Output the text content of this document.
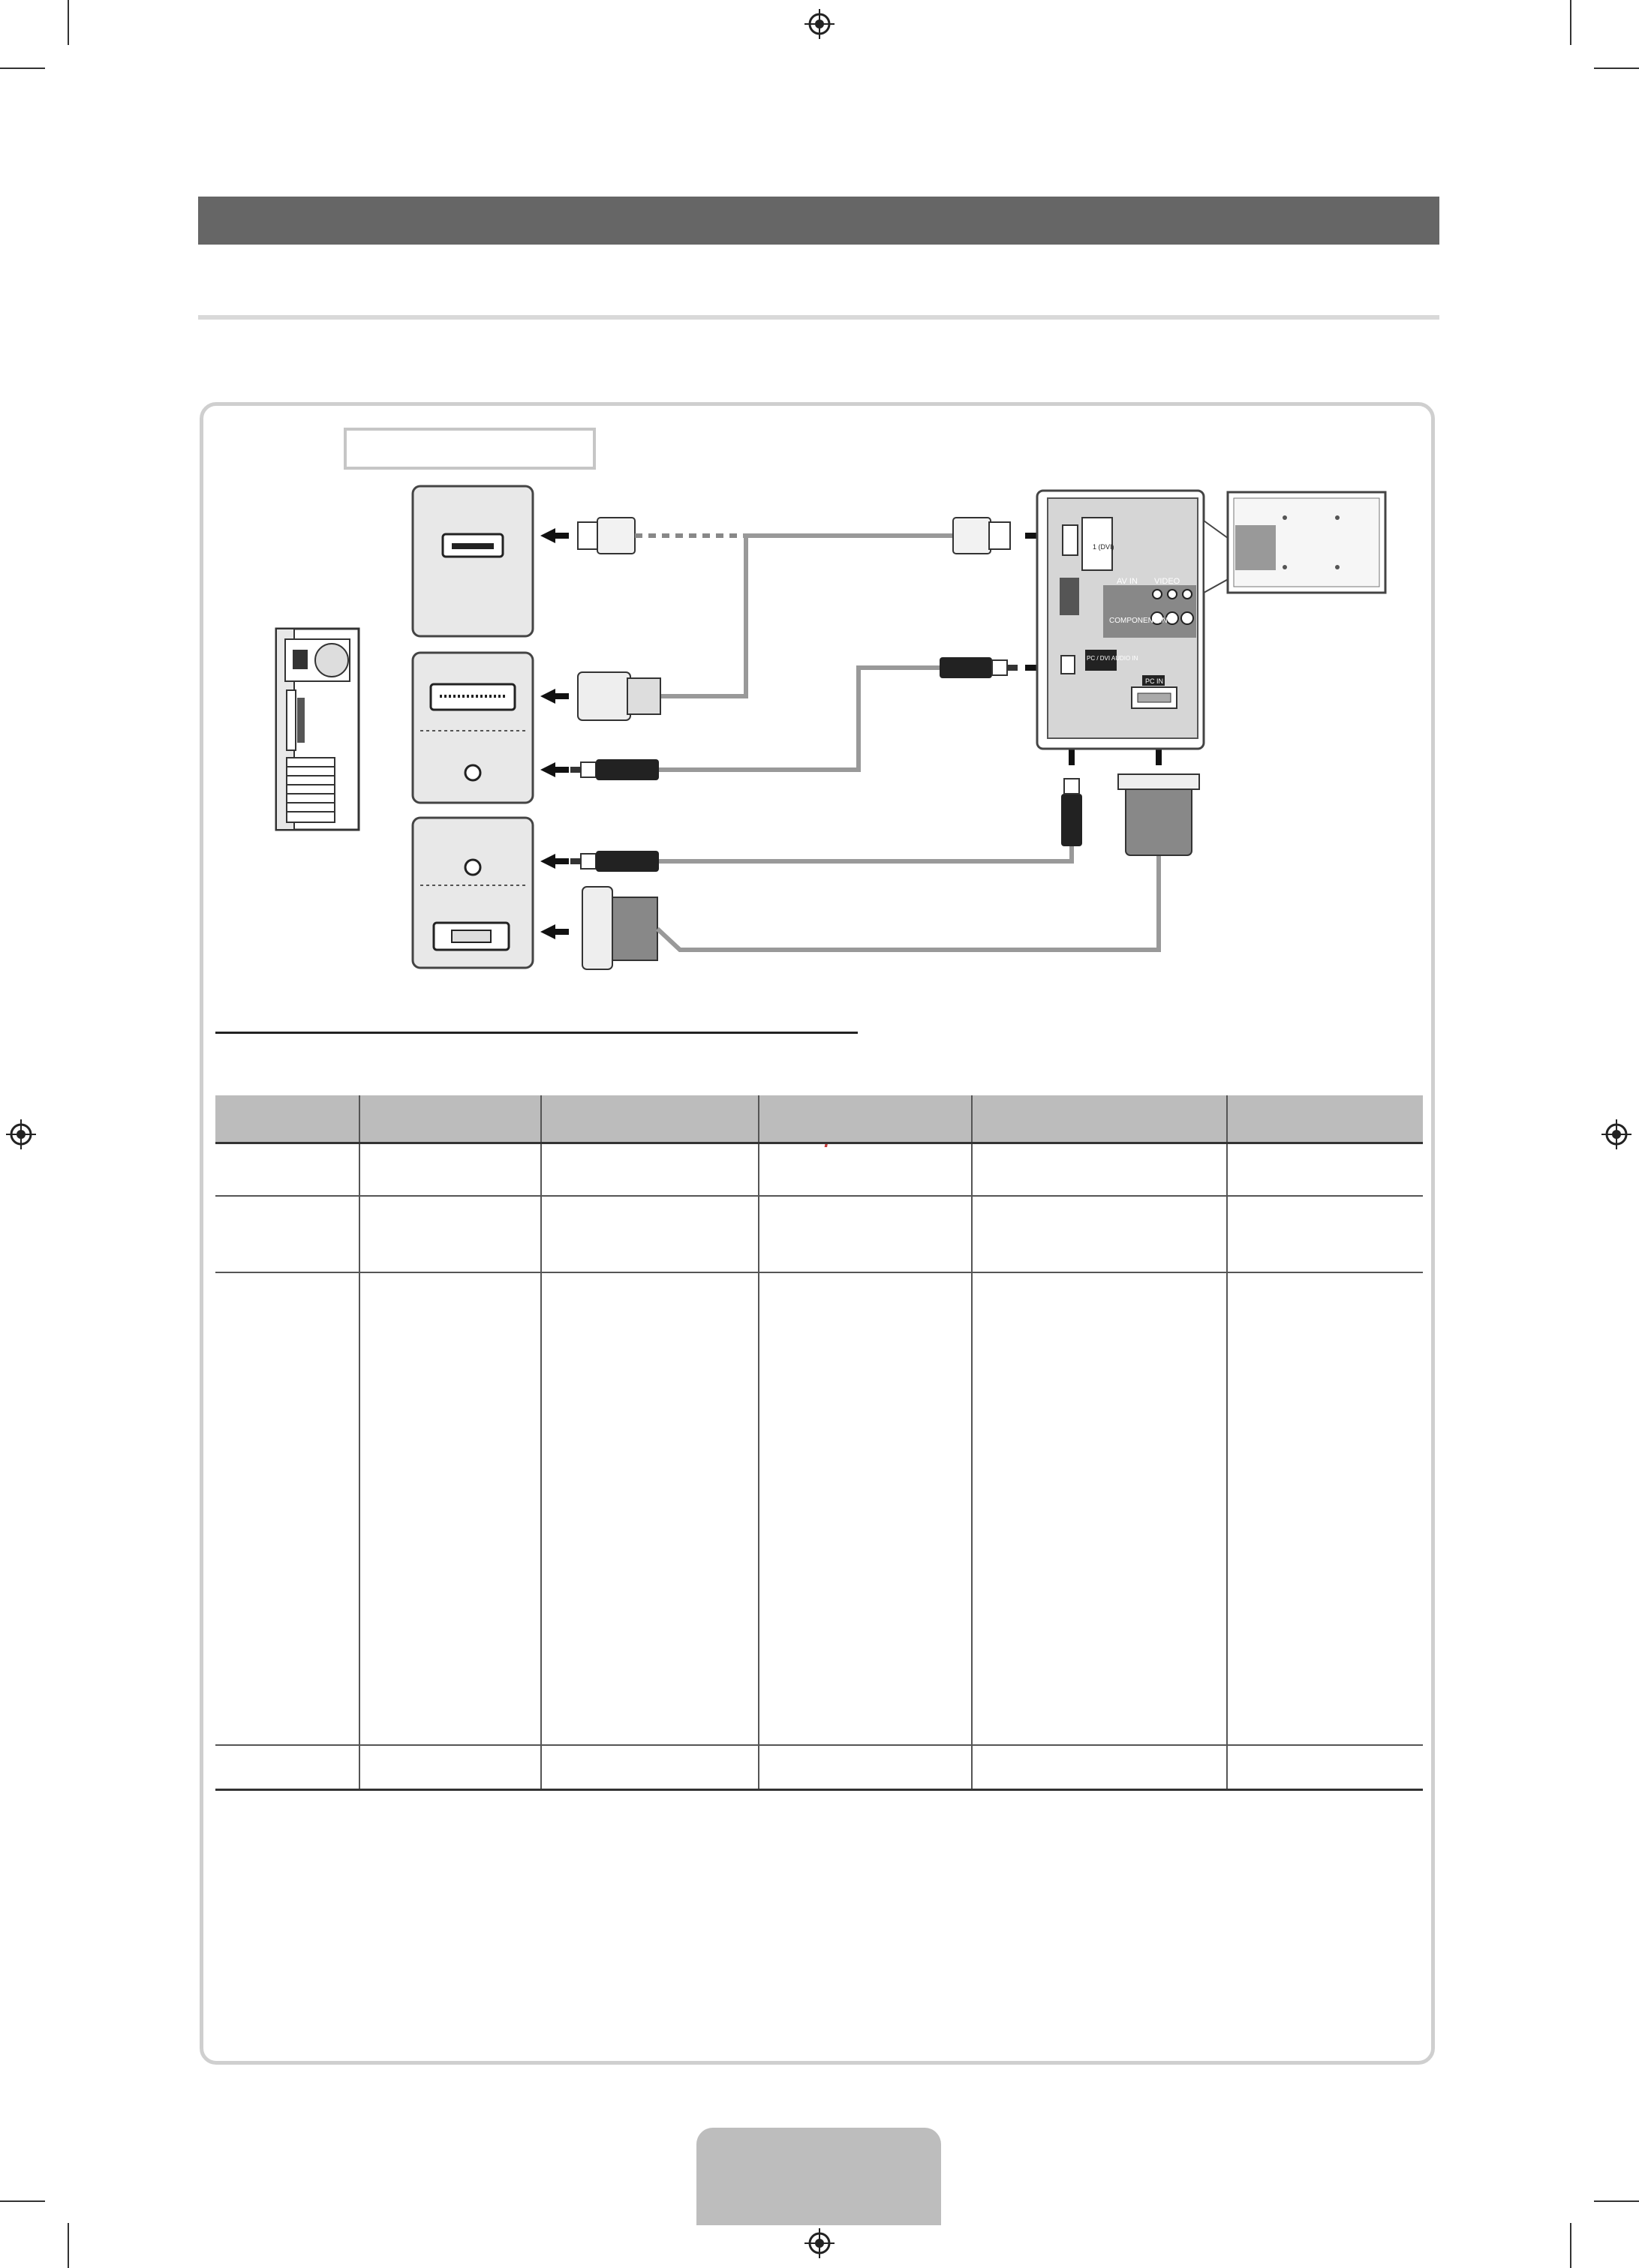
1 (DVI)
AV IN VIDEO
COMPONENT IN
PC / DVI AUDIO IN
PC IN
